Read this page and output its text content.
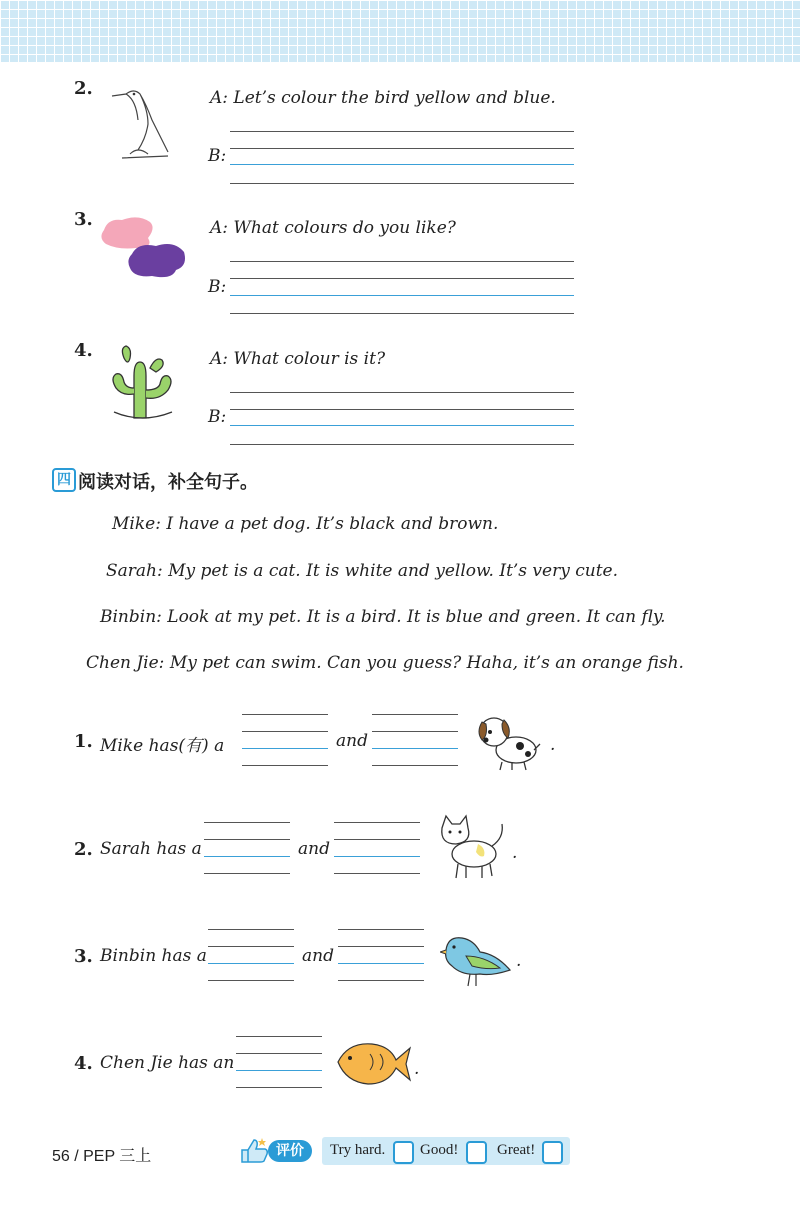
2.	A: Let’s colour the bird yellow and blue.
B:
3.	A: What colours do you like?
B:
4.	A: What colour is it?
B:
四 阅读对话，补全句子。
Mike: I have a pet dog. It’s black and brown.
Sarah: My pet is a cat. It is white and yellow. It’s very cute.
Binbin: Look at my pet. It is a bird. It is blue and green. It can fly.
Chen Jie: My pet can swim. Can you guess? Haha, it’s an orange fish.
1. Mike has(有) a	and	.
2. Sarah has a	and	.
3. Binbin has a	and	.
4. Chen Jie has an	.
56 / PEP 三上	评价	Try hard. Good!	Great!
